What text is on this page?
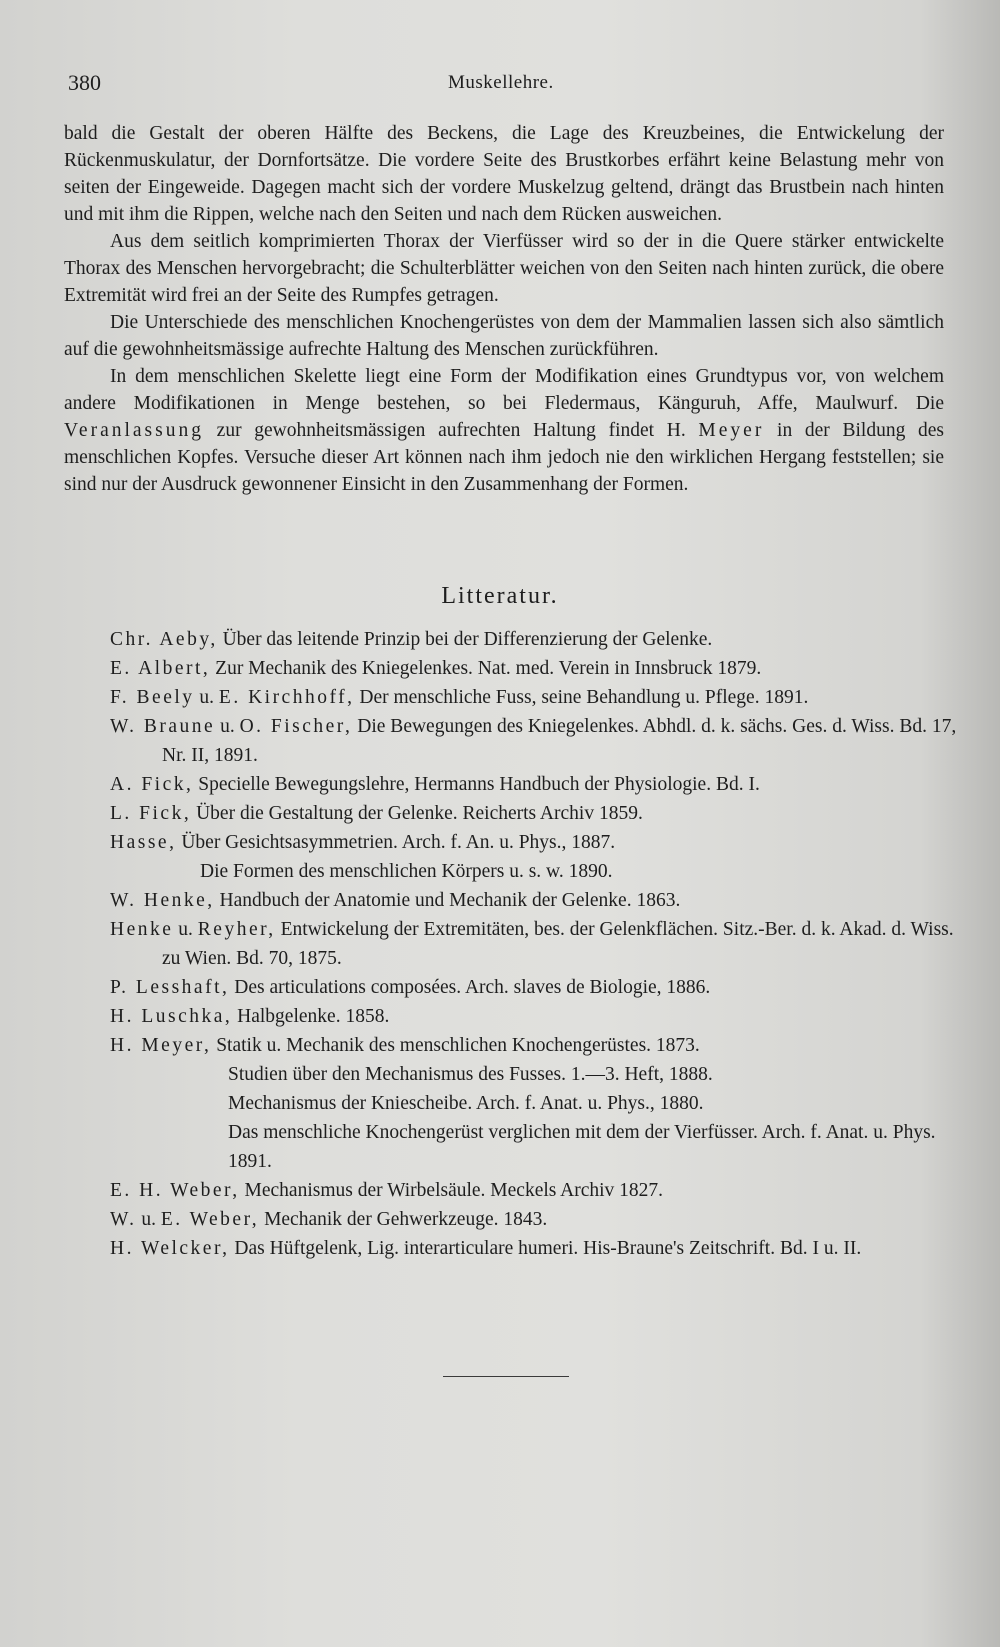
380	Muskellehre.

bald die Gestalt der oberen Hälfte des Beckens, die Lage des Kreuzbeines, die Entwickelung der Rückenmuskulatur, der Dornfortsätze. Die vordere Seite des Brustkorbes erfährt keine Belastung mehr von seiten der Eingeweide. Dagegen macht sich der vordere Muskelzug geltend, drängt das Brustbein nach hinten und mit ihm die Rippen, welche nach den Seiten und nach dem Rücken ausweichen.

Aus dem seitlich komprimierten Thorax der Vierfüsser wird so der in die Quere stärker entwickelte Thorax des Menschen hervorgebracht; die Schulterblätter weichen von den Seiten nach hinten zurück, die obere Extremität wird frei an der Seite des Rumpfes getragen.

Die Unterschiede des menschlichen Knochengerüstes von dem der Mammalien lassen sich also sämtlich auf die gewohnheitsmässige aufrechte Haltung des Menschen zurückführen.

In dem menschlichen Skelette liegt eine Form der Modifikation eines Grundtypus vor, von welchem andere Modifikationen in Menge bestehen, so bei Fledermaus, Känguruh, Affe, Maulwurf. Die Veranlassung zur gewohnheitsmässigen aufrechten Haltung findet H. Meyer in der Bildung des menschlichen Kopfes. Versuche dieser Art können nach ihm jedoch nie den wirklichen Hergang feststellen; sie sind nur der Ausdruck gewonnener Einsicht in den Zusammenhang der Formen.

Litteratur.

Chr. Aeby, Über das leitende Prinzip bei der Differenzierung der Gelenke.

E. Albert, Zur Mechanik des Kniegelenkes. Nat. med. Verein in Innsbruck 1879.

F. Beely u. E. Kirchhoff, Der menschliche Fuss, seine Behandlung u. Pflege. 1891.

W. Braune u. O. Fischer, Die Bewegungen des Kniegelenkes. Abhdl. d. k. sächs. Ges. d. Wiss. Bd. 17, Nr. II, 1891.

A. Fick, Specielle Bewegungslehre, Hermanns Handbuch der Physiologie. Bd. I.

L. Fick, Über die Gestaltung der Gelenke. Reicherts Archiv 1859.

Hasse, Über Gesichtsasymmetrien. Arch. f. An. u. Phys., 1887.

Die Formen des menschlichen Körpers u. s. w. 1890.

W. Henke, Handbuch der Anatomie und Mechanik der Gelenke. 1863.

Henke u. Reyher, Entwickelung der Extremitäten, bes. der Gelenkflächen. Sitz.-Ber. d. k. Akad. d. Wiss. zu Wien. Bd. 70, 1875.

P. Lesshaft, Des articulations composées. Arch. slaves de Biologie, 1886.

H. Luschka, Halbgelenke. 1858.

H. Meyer, Statik u. Mechanik des menschlichen Knochengerüstes. 1873.

Studien über den Mechanismus des Fusses. 1.—3. Heft, 1888.

Mechanismus der Kniescheibe. Arch. f. Anat. u. Phys., 1880.

Das menschliche Knochengerüst verglichen mit dem der Vierfüsser. Arch. f. Anat. u. Phys. 1891.

E. H. Weber, Mechanismus der Wirbelsäule. Meckels Archiv 1827.

W. u. E. Weber, Mechanik der Gehwerkzeuge. 1843.

H. Welcker, Das Hüftgelenk, Lig. interarticulare humeri. His-Braune's Zeitschrift. Bd. I u. II.
